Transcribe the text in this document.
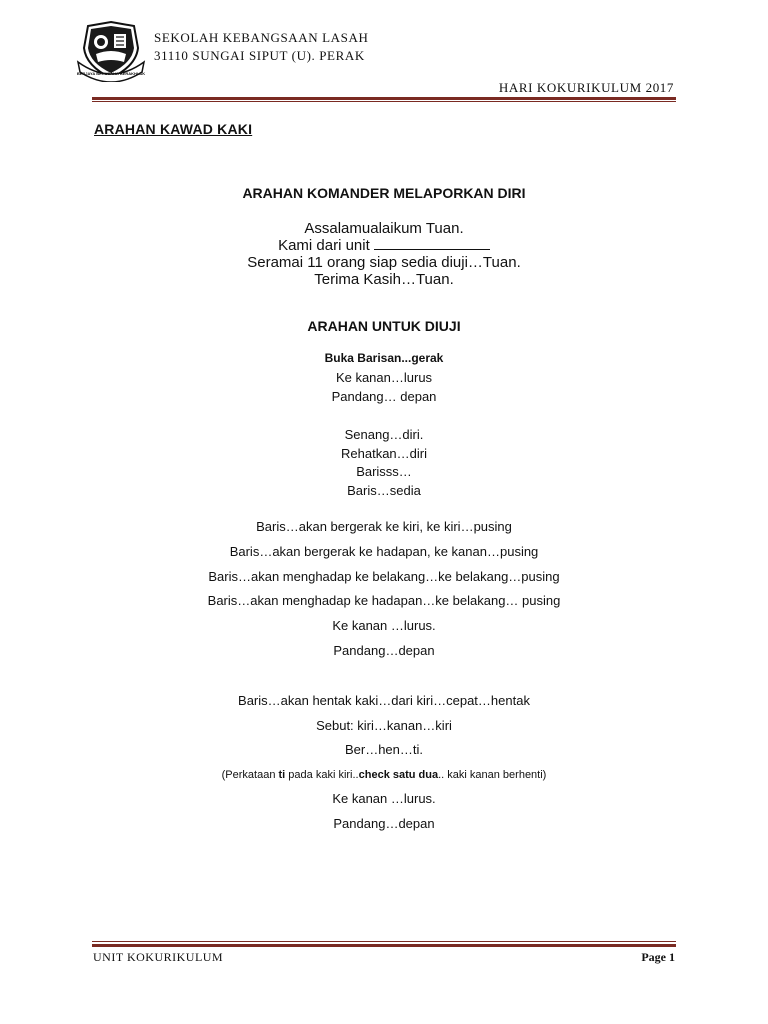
BERJAYA BERUSAHA BERAKHLAK
SEKOLAH KEBANGSAAN LASAH
31110 SUNGAI SIPUT (U). PERAK
HARI KOKURIKULUM 2017
ARAHAN KAWAD KAKI
ARAHAN KOMANDER MELAPORKAN DIRI
Assalamualaikum Tuan.
Kami dari unit
Seramai 11 orang siap sedia diuji…Tuan.
Terima Kasih…Tuan.
ARAHAN UNTUK DIUJI
Buka Barisan...gerak
Ke kanan…lurus
Pandang… depan
Senang…diri.
Rehatkan…diri
Barisss…
Baris…sedia
Baris…akan bergerak ke kiri, ke kiri…pusing
Baris…akan bergerak ke hadapan, ke kanan…pusing
Baris…akan menghadap ke belakang…ke belakang…pusing
Baris…akan menghadap ke hadapan…ke belakang… pusing
Ke kanan …lurus.
Pandang…depan
Baris…akan hentak kaki…dari kiri…cepat…hentak
Sebut: kiri…kanan…kiri
Ber…hen…ti.
(Perkataan ti pada kaki kiri..check satu dua.. kaki kanan berhenti)
Ke kanan …lurus.
Pandang…depan
UNIT KOKURIKULUM	Page 1
